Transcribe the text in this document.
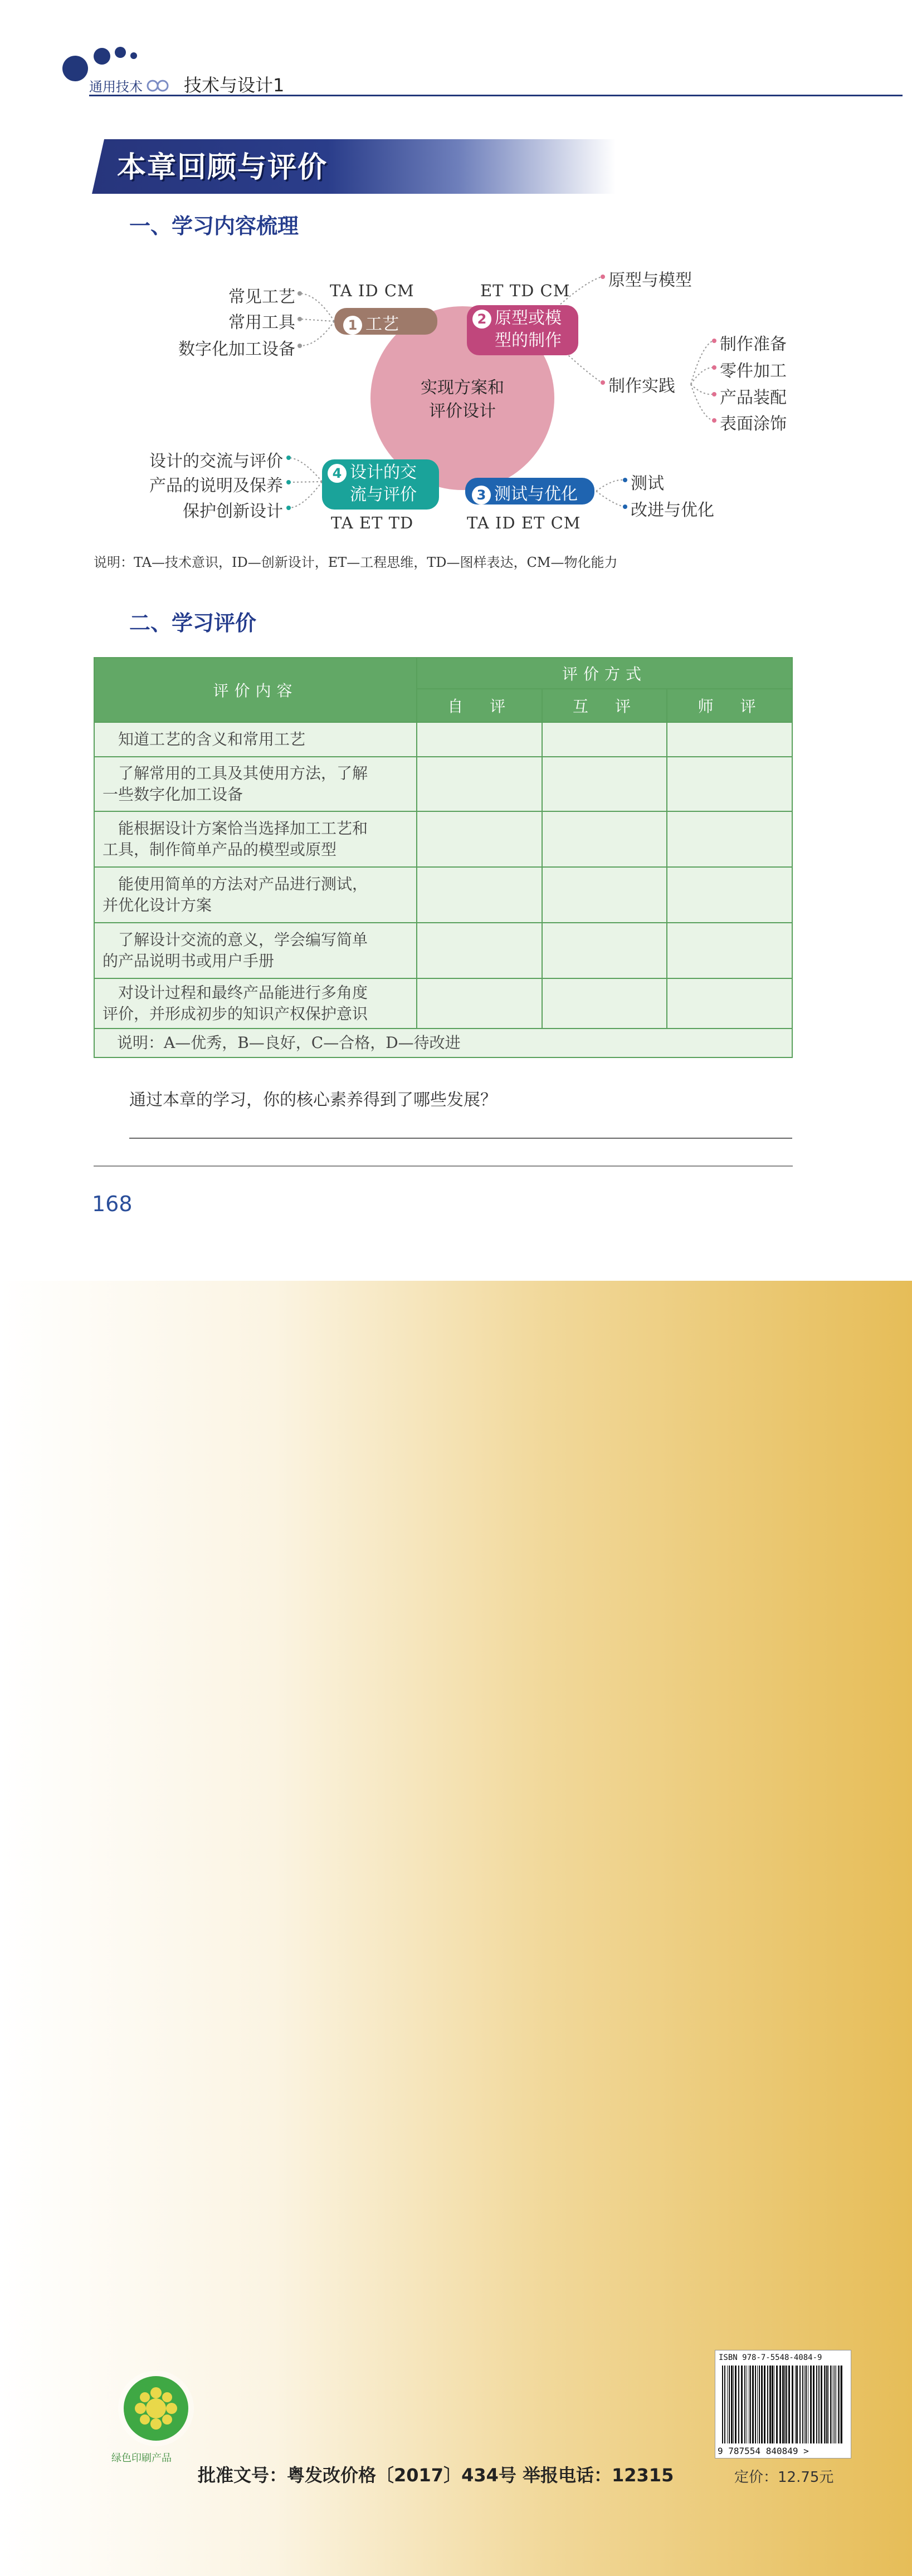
通用技术 技术与设计1
本章回顾与评价
一、学习内容梳理
实现方案和
评价设计
TA ID CM
1 工艺
常见工艺
常用工具
数字化加工设备
ET TD CM
2 原型或模
型的制作
原型与模型
制作实践
制作准备
零件加工
产品装配
表面涂饰
3 测试与优化
TA ID ET CM
测试
改进与优化
4 设计的交
流与评价
TA ET TD
设计的交流与评价
产品的说明及保养
保护创新设计
说明：TA—技术意识，ID—创新设计，ET—工程思维，TD—图样表达，CM—物化能力
二、学习评价
评价内容	评价方式		
	自　评	互　评	师　评

　知道工艺的含义和常用工艺			

　了解常用的工具及其使用方法，了解
一些数字化加工设备			

　能根据设计方案恰当选择加工工艺和
工具，制作简单产品的模型或原型			

　能使用简单的方法对产品进行测试，
并优化设计方案			

　了解设计交流的意义，学会编写简单
的产品说明书或用户手册			

　对设计过程和最终产品能进行多角度
评价，并形成初步的知识产权保护意识			

说明：A—优秀，B—良好，C—合格，D—待改进			
通过本章的学习，你的核心素养得到了哪些发展？
168
绿色印刷产品
批准文号：粤发改价格〔2017〕434号 举报电话：12315
ISBN 978-7-5548-4084-9
9 787554 840849 >
定价：12.75元
